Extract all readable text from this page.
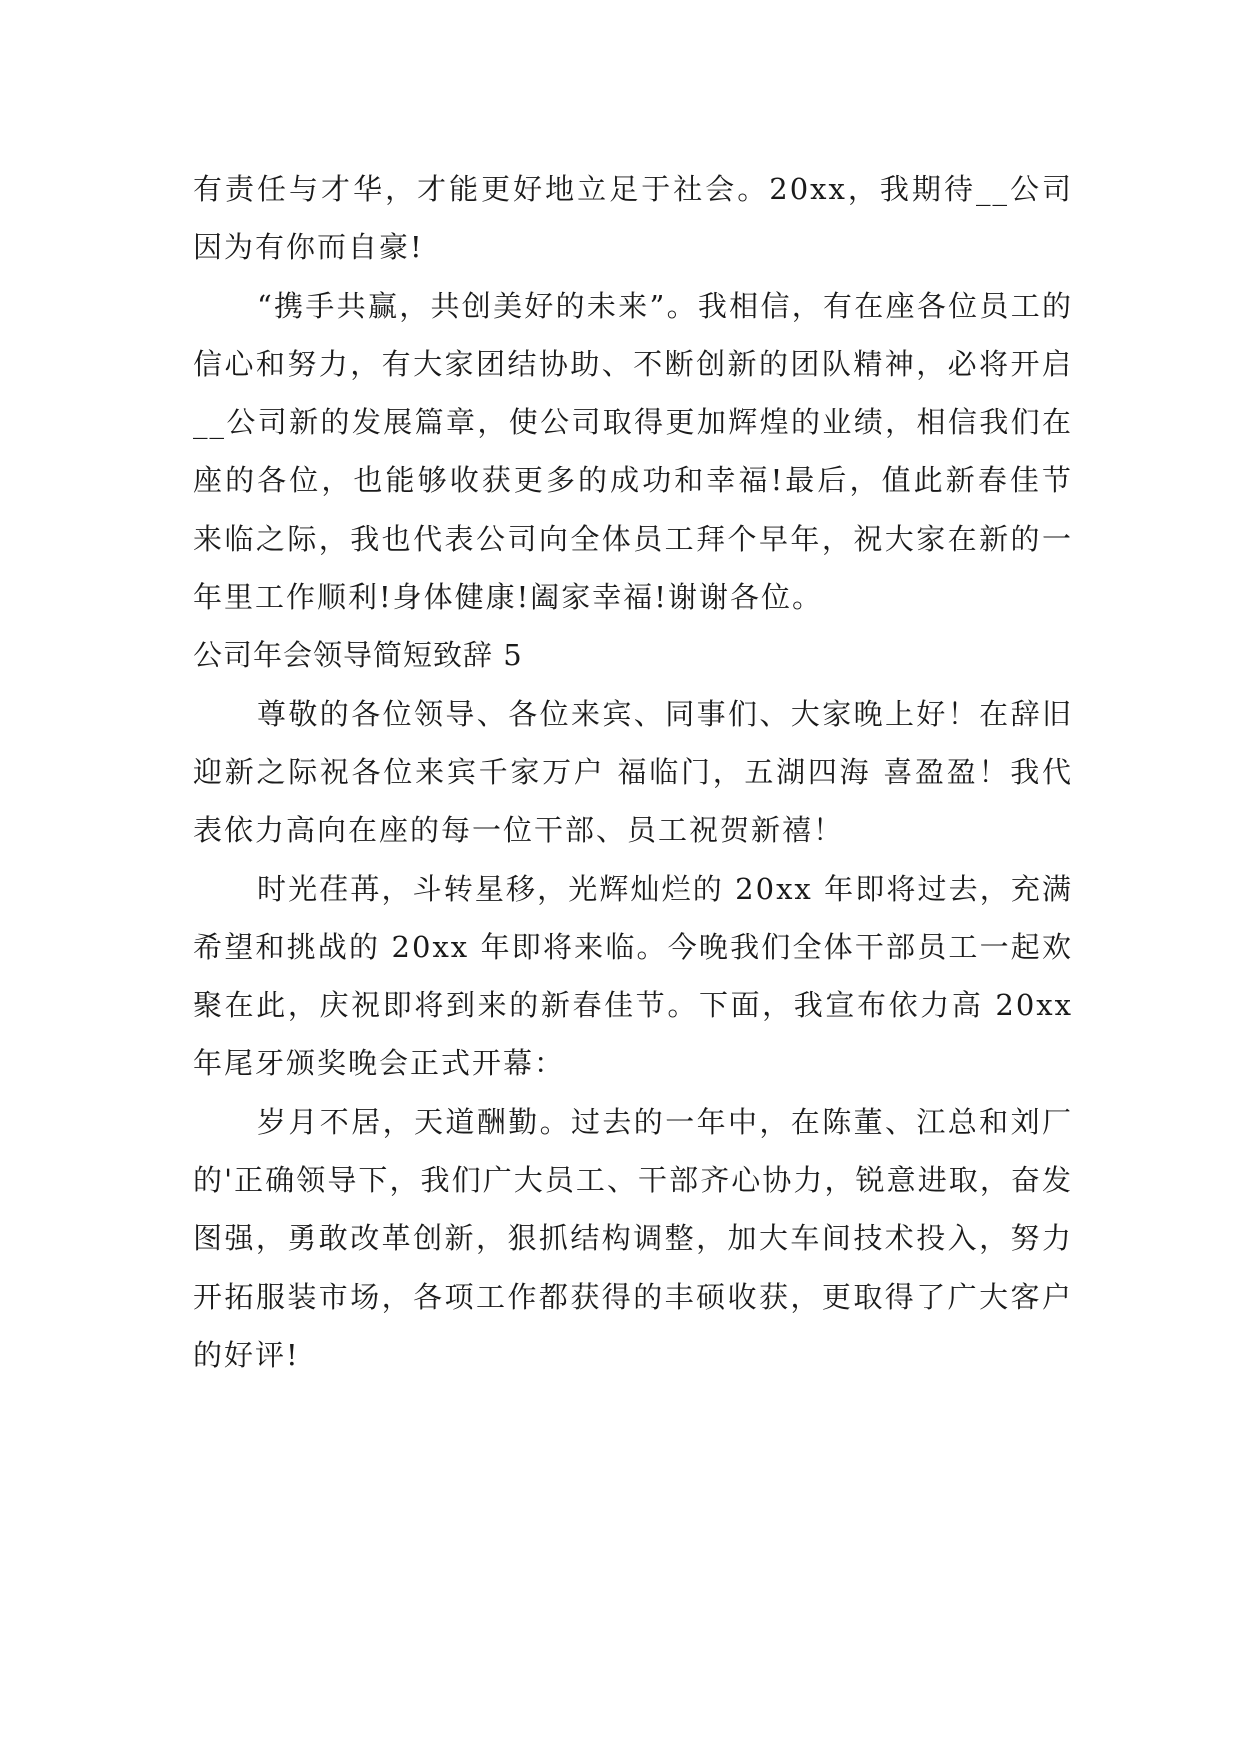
有责任与才华，才能更好地立足于社会。20xx，我期待__公司因为有你而自豪!

“携手共赢，共创美好的未来”。我相信，有在座各位员工的信心和努力，有大家团结协助、不断创新的团队精神，必将开启__公司新的发展篇章，使公司取得更加辉煌的业绩，相信我们在座的各位，也能够收获更多的成功和幸福!最后，值此新春佳节来临之际，我也代表公司向全体员工拜个早年，祝大家在新的一年里工作顺利!身体健康!阖家幸福!谢谢各位。

公司年会领导简短致辞 5

尊敬的各位领导、各位来宾、同事们、大家晚上好！在辞旧迎新之际祝各位来宾千家万户 福临门，五湖四海 喜盈盈！我代表依力高向在座的每一位干部、员工祝贺新禧！

时光荏苒，斗转星移，光辉灿烂的 20xx 年即将过去，充满希望和挑战的 20xx 年即将来临。今晚我们全体干部员工一起欢聚在此，庆祝即将到来的新春佳节。下面，我宣布依力高 20xx 年尾牙颁奖晚会正式开幕：

岁月不居，天道酬勤。过去的一年中，在陈董、江总和刘厂的'正确领导下，我们广大员工、干部齐心协力，锐意进取，奋发图强，勇敢改革创新，狠抓结构调整，加大车间技术投入，努力开拓服装市场，各项工作都获得的丰硕收获，更取得了广大客户的好评!
